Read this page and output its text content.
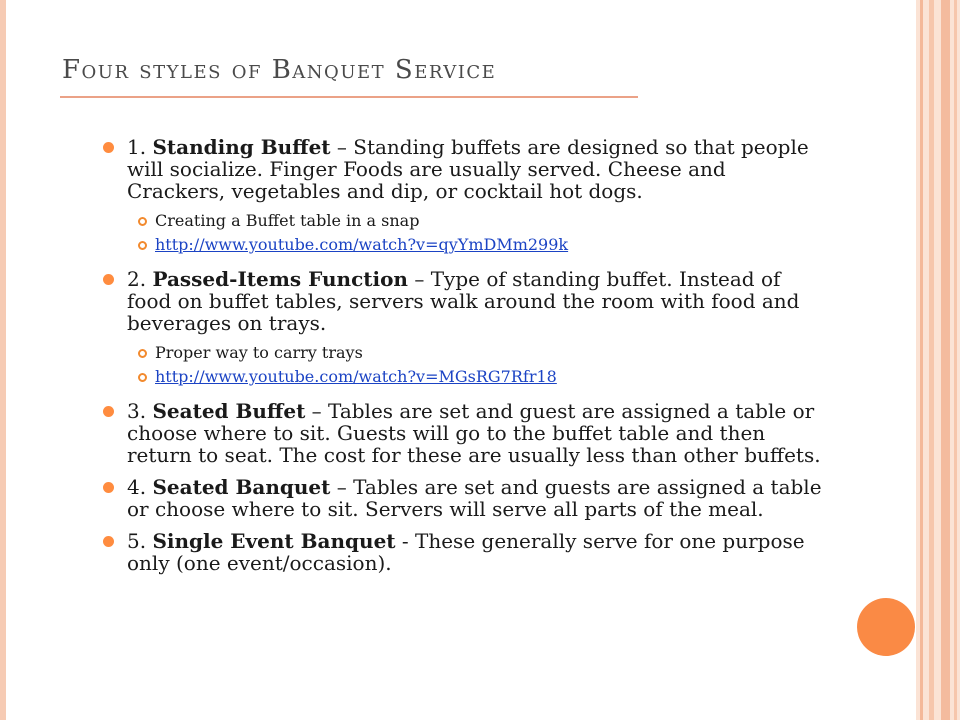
Four styles of Banquet Service
1. Standing Buffet – Standing buffets are designed so that people will socialize. Finger Foods are usually served. Cheese and Crackers, vegetables and dip, or cocktail hot dogs.
Creating a Buffet table in a snap
http://www.youtube.com/watch?v=qyYmDMm299k
2. Passed-Items Function – Type of standing buffet. Instead of food on buffet tables, servers walk around the room with food and beverages on trays.
Proper way to carry trays
http://www.youtube.com/watch?v=MGsRG7Rfr18
3. Seated Buffet – Tables are set and guest are assigned a table or choose where to sit. Guests will go to the buffet table and then return to seat. The cost for these are usually less than other buffets.
4. Seated Banquet – Tables are set and guests are assigned a table or choose where to sit. Servers will serve all parts of the meal.
5. Single Event Banquet - These generally serve for one purpose only (one event/occasion).
